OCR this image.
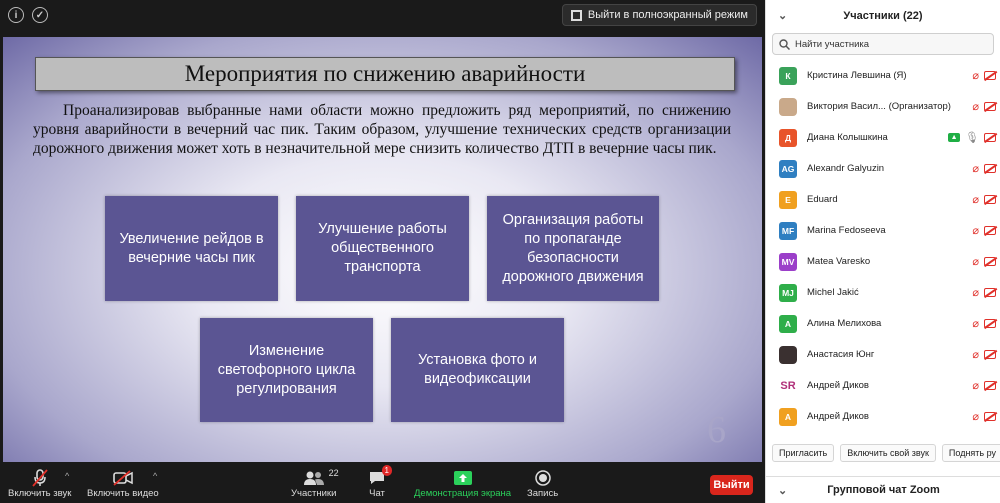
i	✓	Выйти в полноэкранный режим
Мероприятия по снижению аварийности
Проанализировав выбранные нами области можно предложить ряд мероприятий, по снижению уровня аварийности в вечерний час пик. Таким образом, улучшение технических средств организации дорожного движения может хоть в незначительной мере снизить количество ДТП в вечерние часы пик.
Увеличение рейдов в вечерние часы пик
Улучшение работы общественного транспорта
Организация работы по пропаганде безопасности дорожного движения
Изменение светофорного цикла регулирования
Установка фото и видеофиксации
6
Включить звук
^
Включить видео
^	22
Участники
1
Чат	Демонстрация экрана Запись
Выйти
⌄	Участники (22)
Найти участника
К	Кристина Левшина (Я)	⌀
Виктория Васил... (Организатор)	⌀
Д	Диана Колышкина	▲ 🎙
AG Alexandr Galyuzin	⌀
E	Eduard	⌀
MF	Marina Fedoseeva	⌀
MV Matea Varesko	⌀
MJ	Michel Jakić	⌀
А	Алина Мелихова	⌀
Анастасия Юнг	⌀
SR Андрей Диков	⌀
А	Андрей Диков	⌀
Пригласить	Включить свой звук	Поднять ру
⌄	Групповой чат Zoom
